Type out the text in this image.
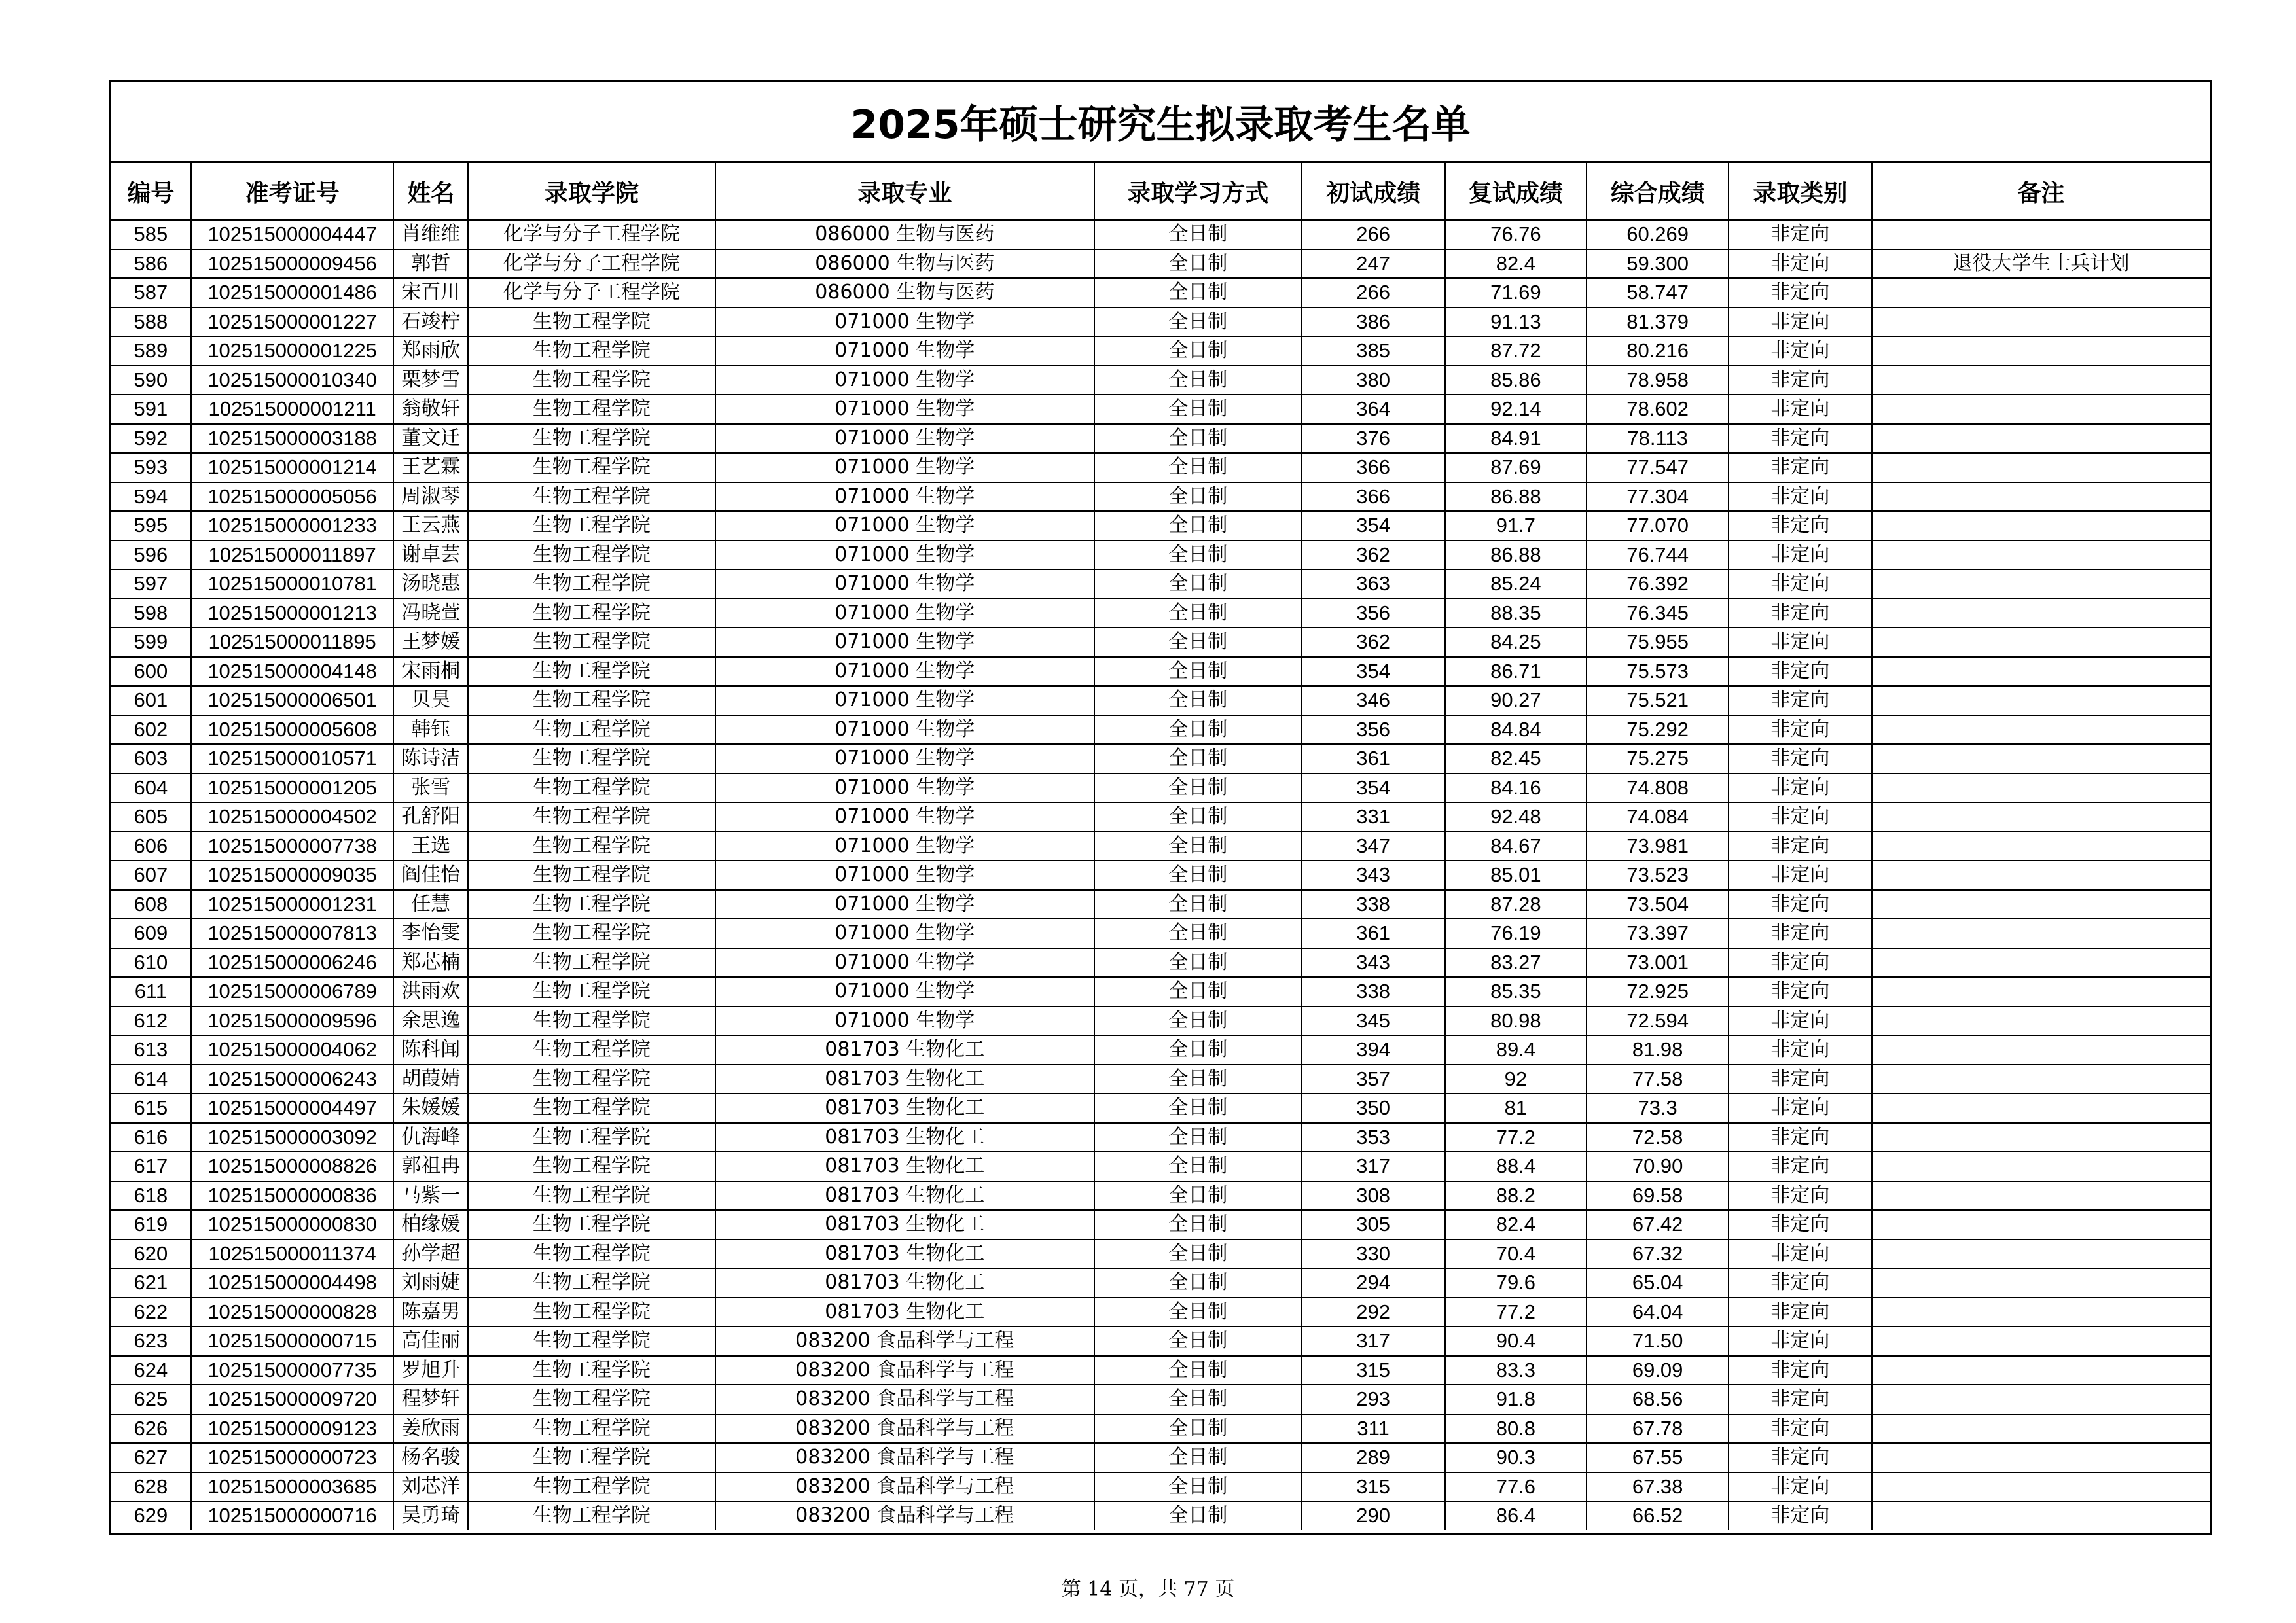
2025年硕士研究生拟录取考生名单
编号	准考证号	姓名	录取学院	录取专业	录取学习方式	初试成绩	复试成绩	综合成绩	录取类别	备注
585	102515000004447	肖维维	化学与分子工程学院	086000 生物与医药	全日制	266	76.76	60.269	非定向	
586	102515000009456	郭哲	化学与分子工程学院	086000 生物与医药	全日制	247	82.4	59.300	非定向	退役大学生士兵计划
587	102515000001486	宋百川	化学与分子工程学院	086000 生物与医药	全日制	266	71.69	58.747	非定向	
588	102515000001227	石竣柠	生物工程学院	071000 生物学	全日制	386	91.13	81.379	非定向	
589	102515000001225	郑雨欣	生物工程学院	071000 生物学	全日制	385	87.72	80.216	非定向	
590	102515000010340	栗梦雪	生物工程学院	071000 生物学	全日制	380	85.86	78.958	非定向	
591	102515000001211	翁敬轩	生物工程学院	071000 生物学	全日制	364	92.14	78.602	非定向	
592	102515000003188	董文迁	生物工程学院	071000 生物学	全日制	376	84.91	78.113	非定向	
593	102515000001214	王艺霖	生物工程学院	071000 生物学	全日制	366	87.69	77.547	非定向	
594	102515000005056	周淑琴	生物工程学院	071000 生物学	全日制	366	86.88	77.304	非定向	
595	102515000001233	王云燕	生物工程学院	071000 生物学	全日制	354	91.7	77.070	非定向	
596	102515000011897	谢卓芸	生物工程学院	071000 生物学	全日制	362	86.88	76.744	非定向	
597	102515000010781	汤晓惠	生物工程学院	071000 生物学	全日制	363	85.24	76.392	非定向	
598	102515000001213	冯晓萱	生物工程学院	071000 生物学	全日制	356	88.35	76.345	非定向	
599	102515000011895	王梦媛	生物工程学院	071000 生物学	全日制	362	84.25	75.955	非定向	
600	102515000004148	宋雨桐	生物工程学院	071000 生物学	全日制	354	86.71	75.573	非定向	
601	102515000006501	贝昊	生物工程学院	071000 生物学	全日制	346	90.27	75.521	非定向	
602	102515000005608	韩钰	生物工程学院	071000 生物学	全日制	356	84.84	75.292	非定向	
603	102515000010571	陈诗洁	生物工程学院	071000 生物学	全日制	361	82.45	75.275	非定向	
604	102515000001205	张雪	生物工程学院	071000 生物学	全日制	354	84.16	74.808	非定向	
605	102515000004502	孔舒阳	生物工程学院	071000 生物学	全日制	331	92.48	74.084	非定向	
606	102515000007738	王选	生物工程学院	071000 生物学	全日制	347	84.67	73.981	非定向	
607	102515000009035	阎佳怡	生物工程学院	071000 生物学	全日制	343	85.01	73.523	非定向	
608	102515000001231	任慧	生物工程学院	071000 生物学	全日制	338	87.28	73.504	非定向	
609	102515000007813	李怡雯	生物工程学院	071000 生物学	全日制	361	76.19	73.397	非定向	
610	102515000006246	郑芯楠	生物工程学院	071000 生物学	全日制	343	83.27	73.001	非定向	
611	102515000006789	洪雨欢	生物工程学院	071000 生物学	全日制	338	85.35	72.925	非定向	
612	102515000009596	余思逸	生物工程学院	071000 生物学	全日制	345	80.98	72.594	非定向	
613	102515000004062	陈科闻	生物工程学院	081703 生物化工	全日制	394	89.4	81.98	非定向	
614	102515000006243	胡葭婧	生物工程学院	081703 生物化工	全日制	357	92	77.58	非定向	
615	102515000004497	朱媛媛	生物工程学院	081703 生物化工	全日制	350	81	73.3	非定向	
616	102515000003092	仇海峰	生物工程学院	081703 生物化工	全日制	353	77.2	72.58	非定向	
617	102515000008826	郭祖冉	生物工程学院	081703 生物化工	全日制	317	88.4	70.90	非定向	
618	102515000000836	马紫一	生物工程学院	081703 生物化工	全日制	308	88.2	69.58	非定向	
619	102515000000830	柏缘媛	生物工程学院	081703 生物化工	全日制	305	82.4	67.42	非定向	
620	102515000011374	孙学超	生物工程学院	081703 生物化工	全日制	330	70.4	67.32	非定向	
621	102515000004498	刘雨婕	生物工程学院	081703 生物化工	全日制	294	79.6	65.04	非定向	
622	102515000000828	陈嘉男	生物工程学院	081703 生物化工	全日制	292	77.2	64.04	非定向	
623	102515000000715	高佳丽	生物工程学院	083200 食品科学与工程	全日制	317	90.4	71.50	非定向	
624	102515000007735	罗旭升	生物工程学院	083200 食品科学与工程	全日制	315	83.3	69.09	非定向	
625	102515000009720	程梦轩	生物工程学院	083200 食品科学与工程	全日制	293	91.8	68.56	非定向	
626	102515000009123	姜欣雨	生物工程学院	083200 食品科学与工程	全日制	311	80.8	67.78	非定向	
627	102515000000723	杨名骏	生物工程学院	083200 食品科学与工程	全日制	289	90.3	67.55	非定向	
628	102515000003685	刘芯洋	生物工程学院	083200 食品科学与工程	全日制	315	77.6	67.38	非定向	
629	102515000000716	吴勇琦	生物工程学院	083200 食品科学与工程	全日制	290	86.4	66.52	非定向	
第 14 页，共 77 页
